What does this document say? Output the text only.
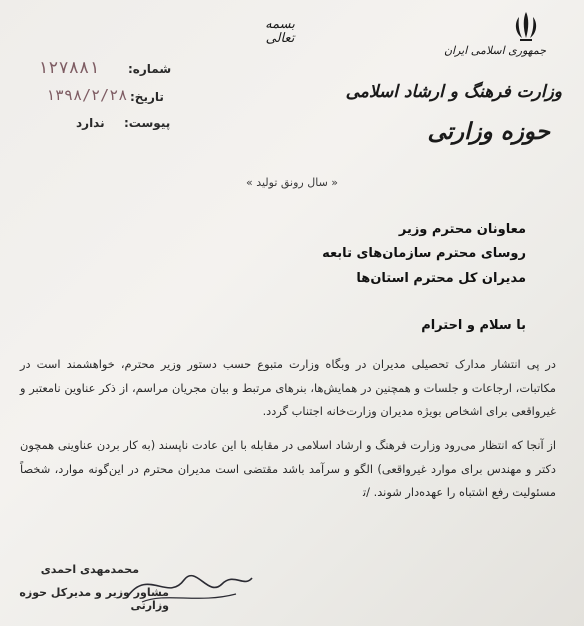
جمهوری اسلامی ایران
وزارت فرهنگ و ارشاد اسلامی
حوزه وزارتی
بسمه تعالی
شماره:
۱۲۷۸۸۱
تاریخ:
۱۳۹۸/۲/۲۸
پیوست:
ندارد
« سال رونق تولید »
معاونان محترم وزیر
روسای محترم سازمان‌های تابعه
مدیران کل محترم استان‌ها
با سلام و احترام
در پی انتشار مدارک تحصیلی مدیران در وبگاه وزارت متبوع حسب دستور وزیر محترم، خواهشمند است در مکاتبات، ارجاعات و جلسات و همچنین در همایش‌ها، بنرهای مرتبط و بیان مجریان مراسم، از ذکر عناوین نامعتبر و غیرواقعی برای اشخاص بویژه مدیران وزارت‌خانه اجتناب گردد.
از آنجا که انتظار می‌رود وزارت فرهنگ و ارشاد اسلامی در مقابله با این عادت ناپسند (به کار بردن عناوینی همچون دکتر و مهندس برای موارد غیرواقعی) الگو و سرآمد باشد مقتضی است مدیران محترم در این‌گونه موارد، شخصاً مسئولیت رفع اشتباه را عهده‌دار شوند. /ﺗ
محمدمهدی احمدی
مشاور وزیر و مدیرکل حوزه وزارتی
